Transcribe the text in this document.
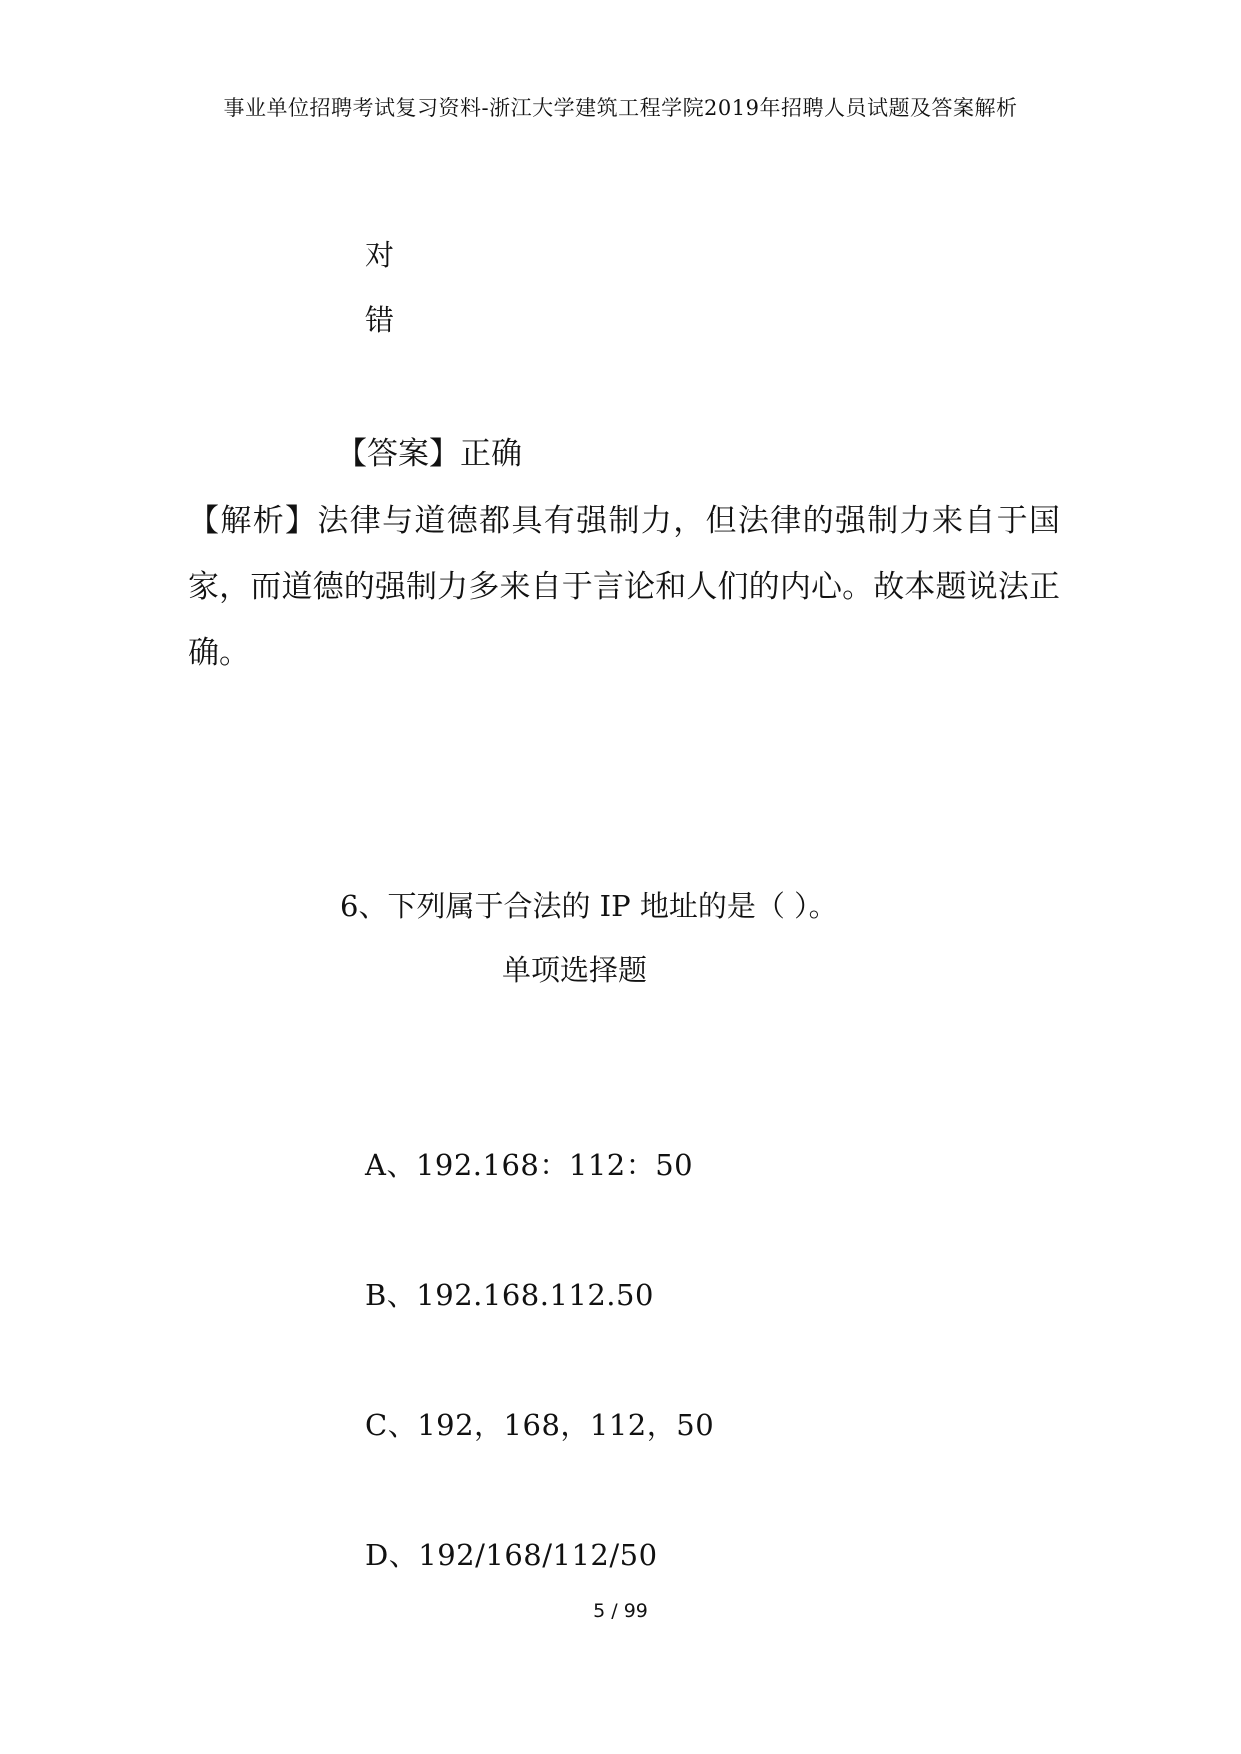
事业单位招聘考试复习资料-浙江大学建筑工程学院2019年招聘人员试题及答案解析
对
错
【答案】正确
【解析】法律与道德都具有强制力，但法律的强制力来自于国家，而道德的强制力多来自于言论和人们的内心。故本题说法正确。
6、下列属于合法的 IP 地址的是（ ）。
单项选择题
A、192.168：112：50
B、192.168.112.50
C、192，168，112，50
D、192/168/112/50
5 / 99
